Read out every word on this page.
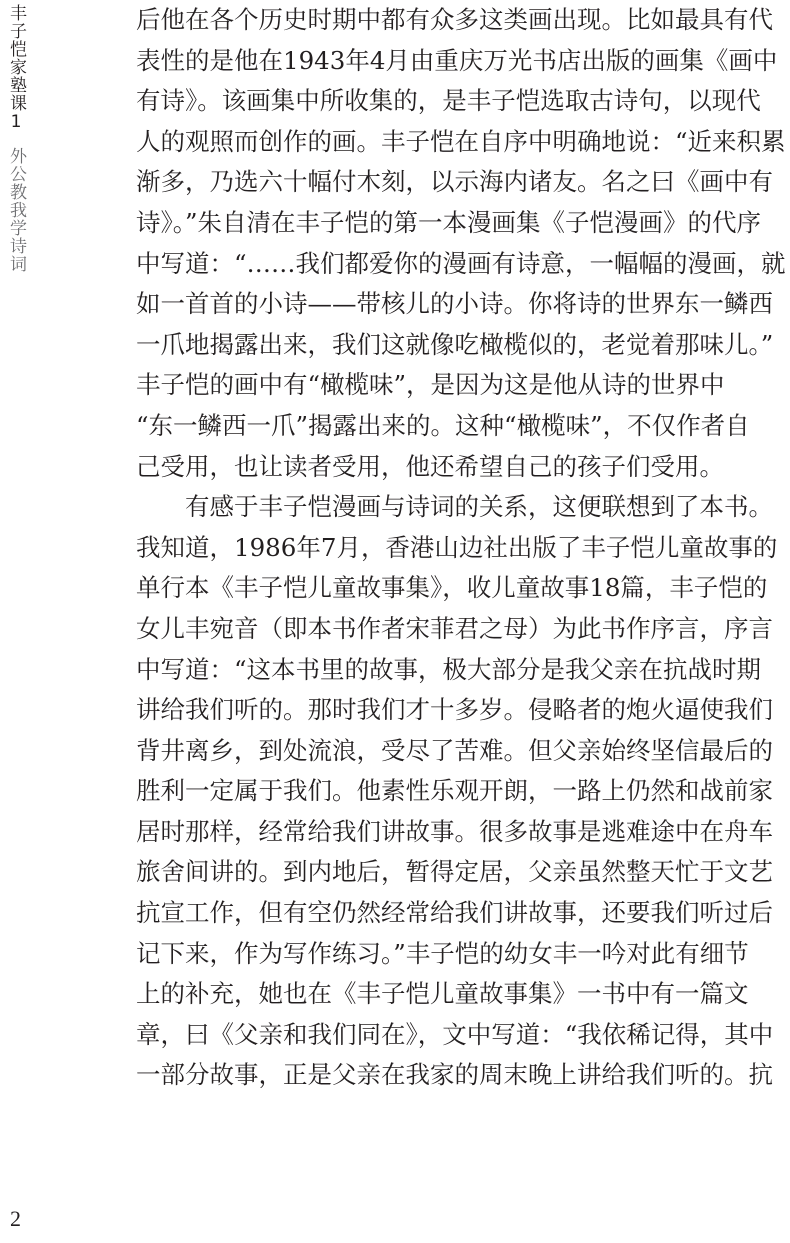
丰子恺家塾课1外公教我学诗词
后他在各个历史时期中都有众多这类画出现。比如最具有代
表性的是他在1943年4月由重庆万光书店出版的画集《画中
有诗》。该画集中所收集的，是丰子恺选取古诗句，以现代
人的观照而创作的画。丰子恺在自序中明确地说：“近来积累
渐多，乃选六十幅付木刻，以示海内诸友。名之曰《画中有
诗》。”朱自清在丰子恺的第一本漫画集《子恺漫画》的代序
中写道：“……我们都爱你的漫画有诗意，一幅幅的漫画，就
如一首首的小诗——带核儿的小诗。你将诗的世界东一鳞西
一爪地揭露出来，我们这就像吃橄榄似的，老觉着那味儿。”
丰子恺的画中有“橄榄味”，是因为这是他从诗的世界中
“东一鳞西一爪”揭露出来的。这种“橄榄味”，不仅作者自
己受用，也让读者受用，他还希望自己的孩子们受用。
　　有感于丰子恺漫画与诗词的关系，这便联想到了本书。
我知道，1986年7月，香港山边社出版了丰子恺儿童故事的
单行本《丰子恺儿童故事集》，收儿童故事18篇，丰子恺的
女儿丰宛音（即本书作者宋菲君之母）为此书作序言，序言
中写道：“这本书里的故事，极大部分是我父亲在抗战时期
讲给我们听的。那时我们才十多岁。侵略者的炮火逼使我们
背井离乡，到处流浪，受尽了苦难。但父亲始终坚信最后的
胜利一定属于我们。他素性乐观开朗，一路上仍然和战前家
居时那样，经常给我们讲故事。很多故事是逃难途中在舟车
旅舍间讲的。到内地后，暂得定居，父亲虽然整天忙于文艺
抗宣工作，但有空仍然经常给我们讲故事，还要我们听过后
记下来，作为写作练习。”丰子恺的幼女丰一吟对此有细节
上的补充，她也在《丰子恺儿童故事集》一书中有一篇文
章，曰《父亲和我们同在》，文中写道：“我依稀记得，其中
一部分故事，正是父亲在我家的周末晚上讲给我们听的。抗
2
